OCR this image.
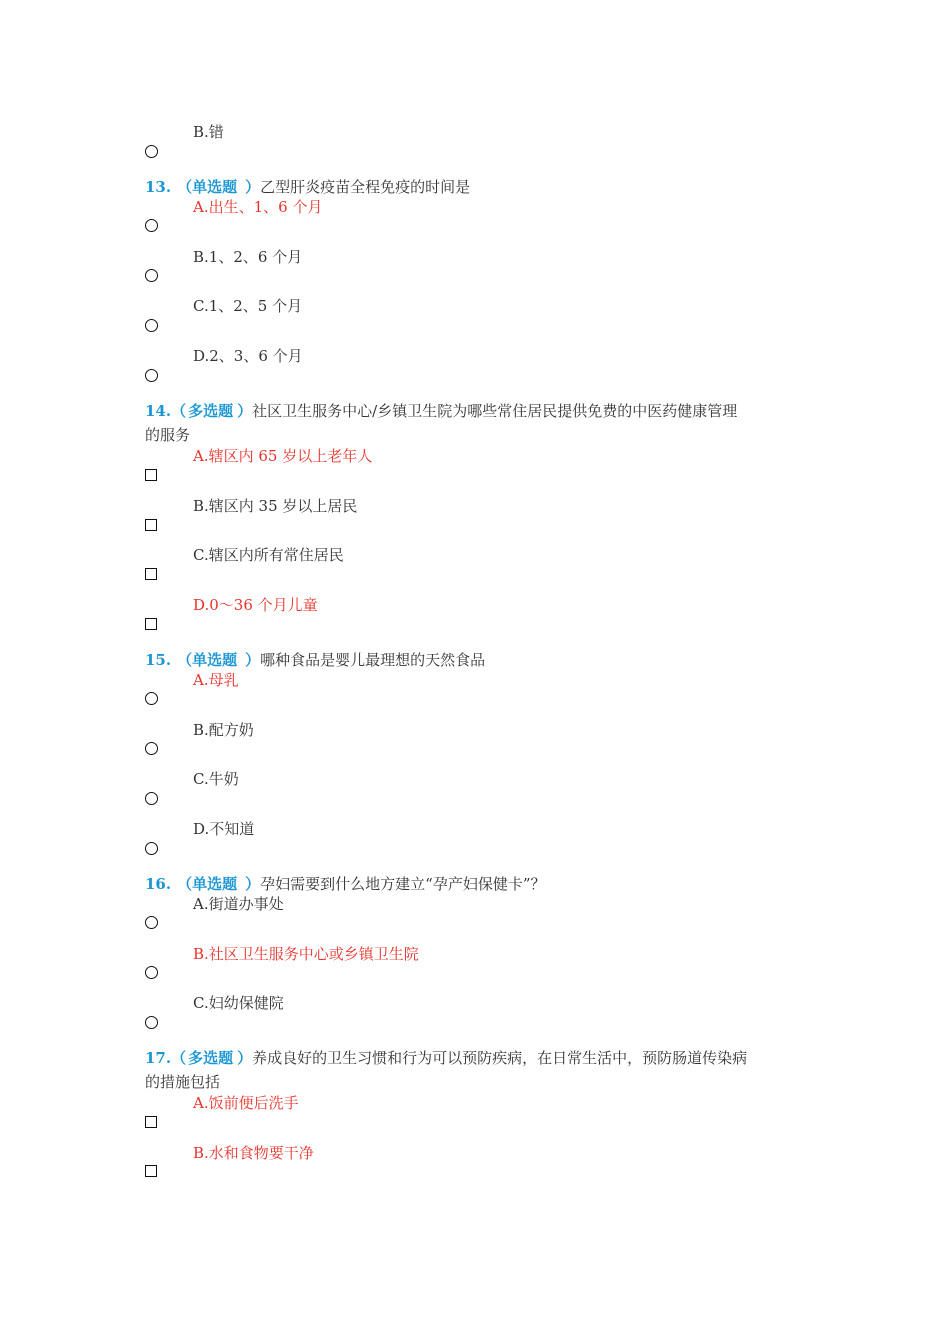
B.错
13. （单选题 ）乙型肝炎疫苗全程免疫的时间是
A.出生、1、6 个月
B.1、2、6 个月
C.1、2、5 个月
D.2、3、6 个月
14.（ 多选题 ）社区卫生服务中心/乡镇卫生院为哪些常住居民提供免费的中医药健康管理
的服务
A.辖区内 65 岁以上老年人
B.辖区内 35 岁以上居民
C.辖区内所有常住居民
D.0～36 个月儿童
15. （单选题 ）哪种食品是婴儿最理想的天然食品
A.母乳
B.配方奶
C.牛奶
D.不知道
16. （单选题 ）孕妇需要到什么地方建立“孕产妇保健卡”？
A.街道办事处
B.社区卫生服务中心或乡镇卫生院
C.妇幼保健院
17.（ 多选题 ）养成良好的卫生习惯和行为可以预防疾病，在日常生活中，预防肠道传染病
的措施包括
A.饭前便后洗手
B.水和食物要干净
